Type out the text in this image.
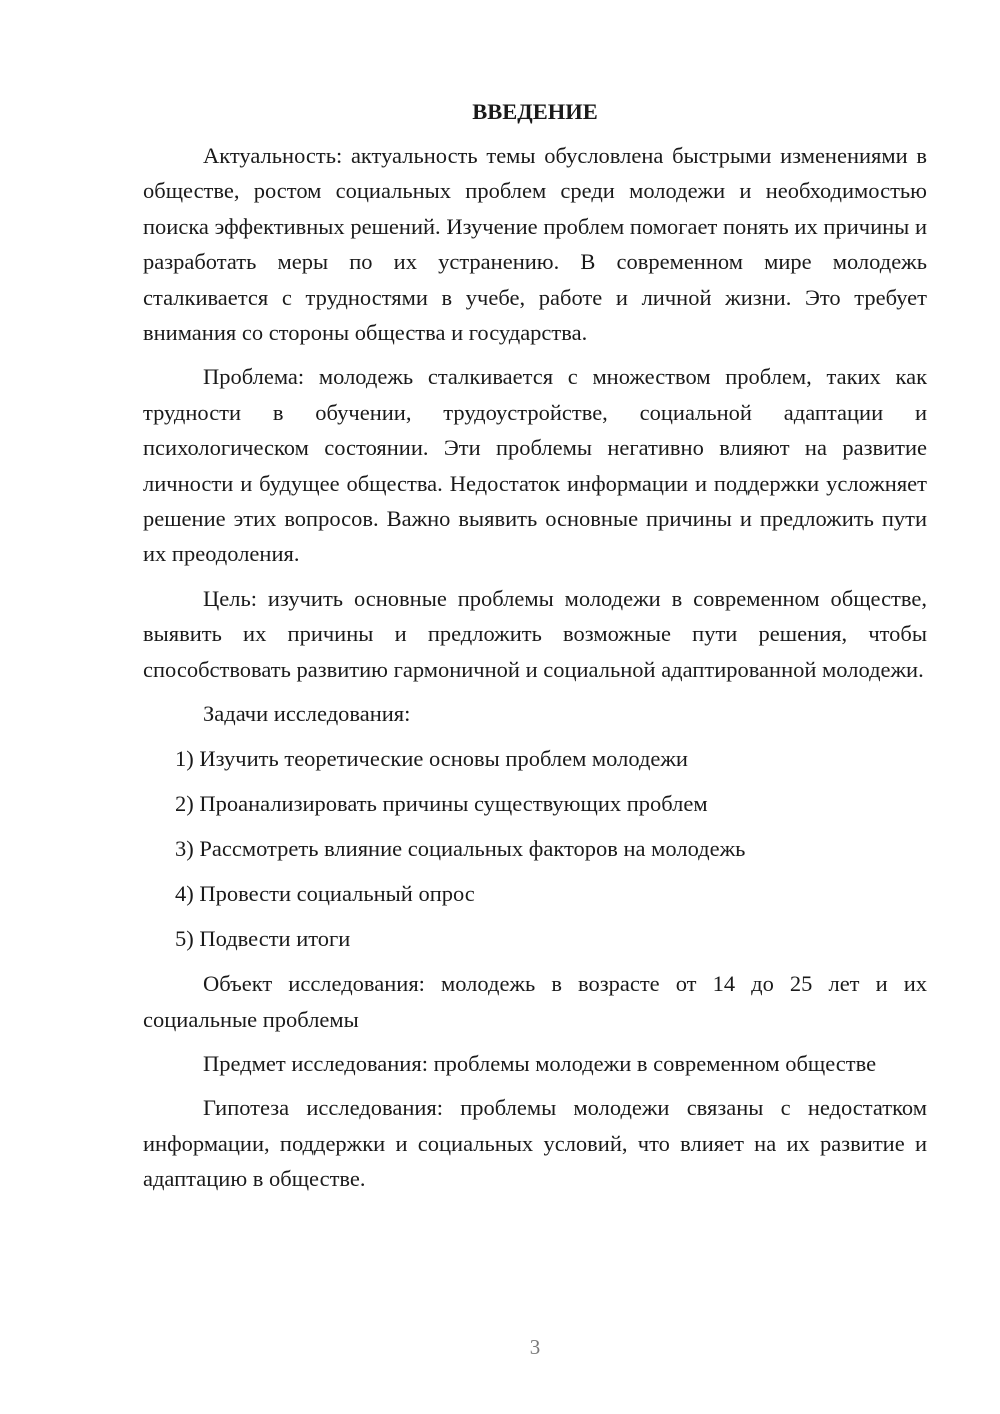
ВВЕДЕНИЕ

Актуальность: актуальность темы обусловлена быстрыми изменениями в обществе, ростом социальных проблем среди молодежи и необходимостью поиска эффективных решений. Изучение проблем помогает понять их причины и разработать меры по их устранению. В современном мире молодежь сталкивается с трудностями в учебе, работе и личной жизни. Это требует внимания со стороны общества и государства.

Проблема: молодежь сталкивается с множеством проблем, таких как трудности в обучении, трудоустройстве, социальной адаптации и психологическом состоянии. Эти проблемы негативно влияют на развитие личности и будущее общества. Недостаток информации и поддержки усложняет решение этих вопросов. Важно выявить основные причины и предложить пути их преодоления.

Цель: изучить основные проблемы молодежи в современном обществе, выявить их причины и предложить возможные пути решения, чтобы способствовать развитию гармоничной и социальной адаптированной молодежи.

Задачи исследования:

1) Изучить теоретические основы проблем молодежи
2) Проанализировать причины существующих проблем
3) Рассмотреть влияние социальных факторов на молодежь
4) Провести социальный опрос
5) Подвести итоги

Объект исследования: молодежь в возрасте от 14 до 25 лет и их социальные проблемы

Предмет исследования: проблемы молодежи в современном обществе

Гипотеза исследования: проблемы молодежи связаны с недостатком информации, поддержки и социальных условий, что влияет на их развитие и адаптацию в обществе.

3
